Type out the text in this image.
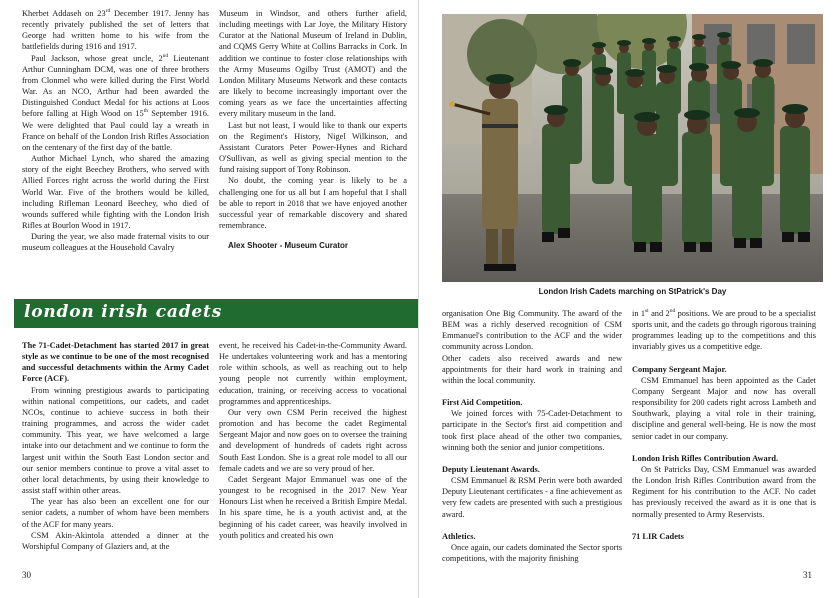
Kherbet Addaseh on 23rd December 1917. Jenny has recently privately published the set of letters that George had written home to his wife from the battlefields during 1916 and 1917.

Paul Jackson, whose great uncle, 2nd Lieutenant Arthur Cunningham DCM, was one of three brothers from Clonmel who were killed during the First World War. As an NCO, Arthur had been awarded the Distinguished Conduct Medal for his actions at Loos before falling at High Wood on 15th September 1916. We were delighted that Paul could lay a wreath in France on behalf of the London Irish Rifles Association on the centenary of the first day of the battle.

Author Michael Lynch, who shared the amazing story of the eight Beechey Brothers, who served with Allied Forces right across the world during the First World War. Five of the brothers would be killed, including Rifleman Leonard Beechey, who died of wounds suffered while fighting with the London Irish Rifles at Bourlon Wood in 1917.

During the year, we also made fraternal visits to our museum colleagues at the Household Cavalry

Museum in Windsor, and others further afield, including meetings with Lar Joye, the Military History Curator at the National Museum of Ireland in Dublin, and CQMS Gerry White at Collins Barracks in Cork. In addition we continue to foster close relationships with the Army Museums Ogilby Trust (AMOT) and the London Military Museums Network and these contacts are likely to become increasingly important over the coming years as we face the uncertainties affecting every military museum in the land.

Last but not least, I would like to thank our experts on the Regiment's History, Nigel Wilkinson, and Assistant Curators Peter Power-Hynes and Richard O'Sullivan, as well as giving special mention to the fund raising support of Tony Robinson.

No doubt, the coming year is likely to be a challenging one for us all but I am hopeful that I shall be able to report in 2018 that we have enjoyed another successful year of remarkable discovery and shared remembrance.

Alex Shooter - Museum Curator

london irish cadets

The 71-Cadet-Detachment has started 2017 in great style as we continue to be one of the most recognised and successful detachments within the Army Cadet Force (ACF).

From winning prestigious awards to participating within national competitions, our cadets, and cadet NCOs, continue to achieve success in both their training programmes, and across the wider cadet community. This year, we have welcomed a large intake into our detachment and we continue to form the largest unit within the South East London sector and our senior members continue to prove a vital asset to other local detachments, by using their knowledge to assist staff within other areas.

The year has also been an excellent one for our senior cadets, a number of whom have been members of the ACF for many years.

CSM Akin-Akintola attended a dinner at the Worshipful Company of Glaziers and, at the

event, he received his Cadet-in-the-Community Award. He undertakes volunteering work and has a mentoring role within schools, as well as reaching out to help young people not currently within employment, education, training, or receiving access to vocational programmes and apprenticeships.

Our very own CSM Perin received the highest promotion and has become the cadet Regimental Sergeant Major and now goes on to oversee the training and development of hundreds of cadets right across South East London. She is a great role model to all our female cadets and we are so very proud of her.

Cadet Sergeant Major Emmanuel was one of the youngest to be recognised in the 2017 New Year Honours List when he received a British Empire Medal. In his spare time, he is a youth activist and, at the beginning of his cadet career, was heavily involved in youth politics and created his own

30
London Irish Cadets marching on StPatrick's Day

organisation One Big Community. The award of the BEM was a richly deserved recognition of CSM Emmanuel's contribution to the ACF and the wider community across London.

Other cadets also received awards and new appointments for their hard work in training and within the local community.

First Aid Competition.

We joined forces with 75-Cadet-Detachment to participate in the Sector's first aid competition and took first place ahead of the other two companies, winning both the senior and junior competitions.

Deputy Lieutenant Awards.

CSM Emmanuel & RSM Perin were both awarded Deputy Lieutenant certificates - a fine achievement as very few cadets are presented with such a prestigious award.

Athletics.

Once again, our cadets dominated the Sector sports competitions, with the majority finishing

in 1st and 2nd positions. We are proud to be a specialist sports unit, and the cadets go through rigorous training programmes leading up to the competitions and this invariably gives us a competitive edge.

Company Sergeant Major.

CSM Emmanuel has been appointed as the Cadet Company Sergeant Major and now has overall responsibility for 200 cadets right across Lambeth and Southwark, playing a vital role in their training, discipline and general well-being. He is now the most senior cadet in our company.

London Irish Rifles Contribution Award.

On St Patricks Day, CSM Emmanuel was awarded the London Irish Rifles Contribution award from the Regiment for his contribution to the ACF. No cadet has previously received the award as it is one that is normally presented to Army Reservists.

71 LIR Cadets
31
